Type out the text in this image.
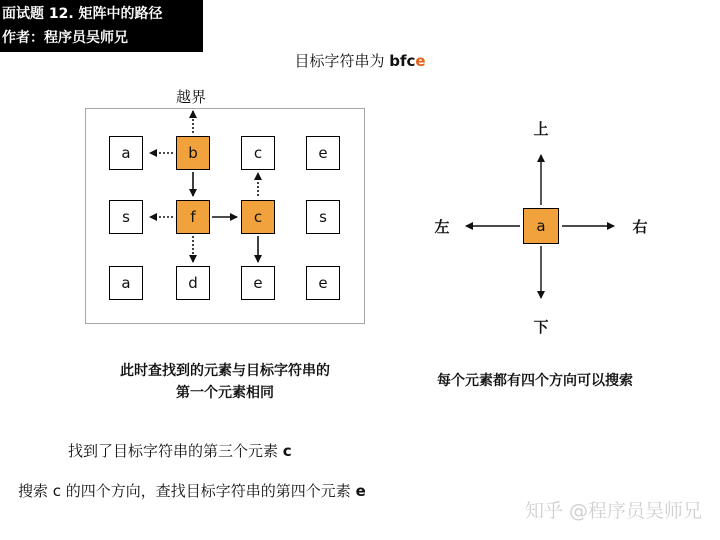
面试题 12. 矩阵中的路径
作者：程序员吴师兄
目标字符串为 bfce
越界
a	b	c	e
s	f	c	s
a	d	e	e
此时查找到的元素与目标字符串的
第一个元素相同
a
上
下
左	右
每个元素都有四个方向可以搜索
找到了目标字符串的第三个元素 c
搜索 c 的四个方向，查找目标字符串的第四个元素 e
知乎 @程序员吴师兄
